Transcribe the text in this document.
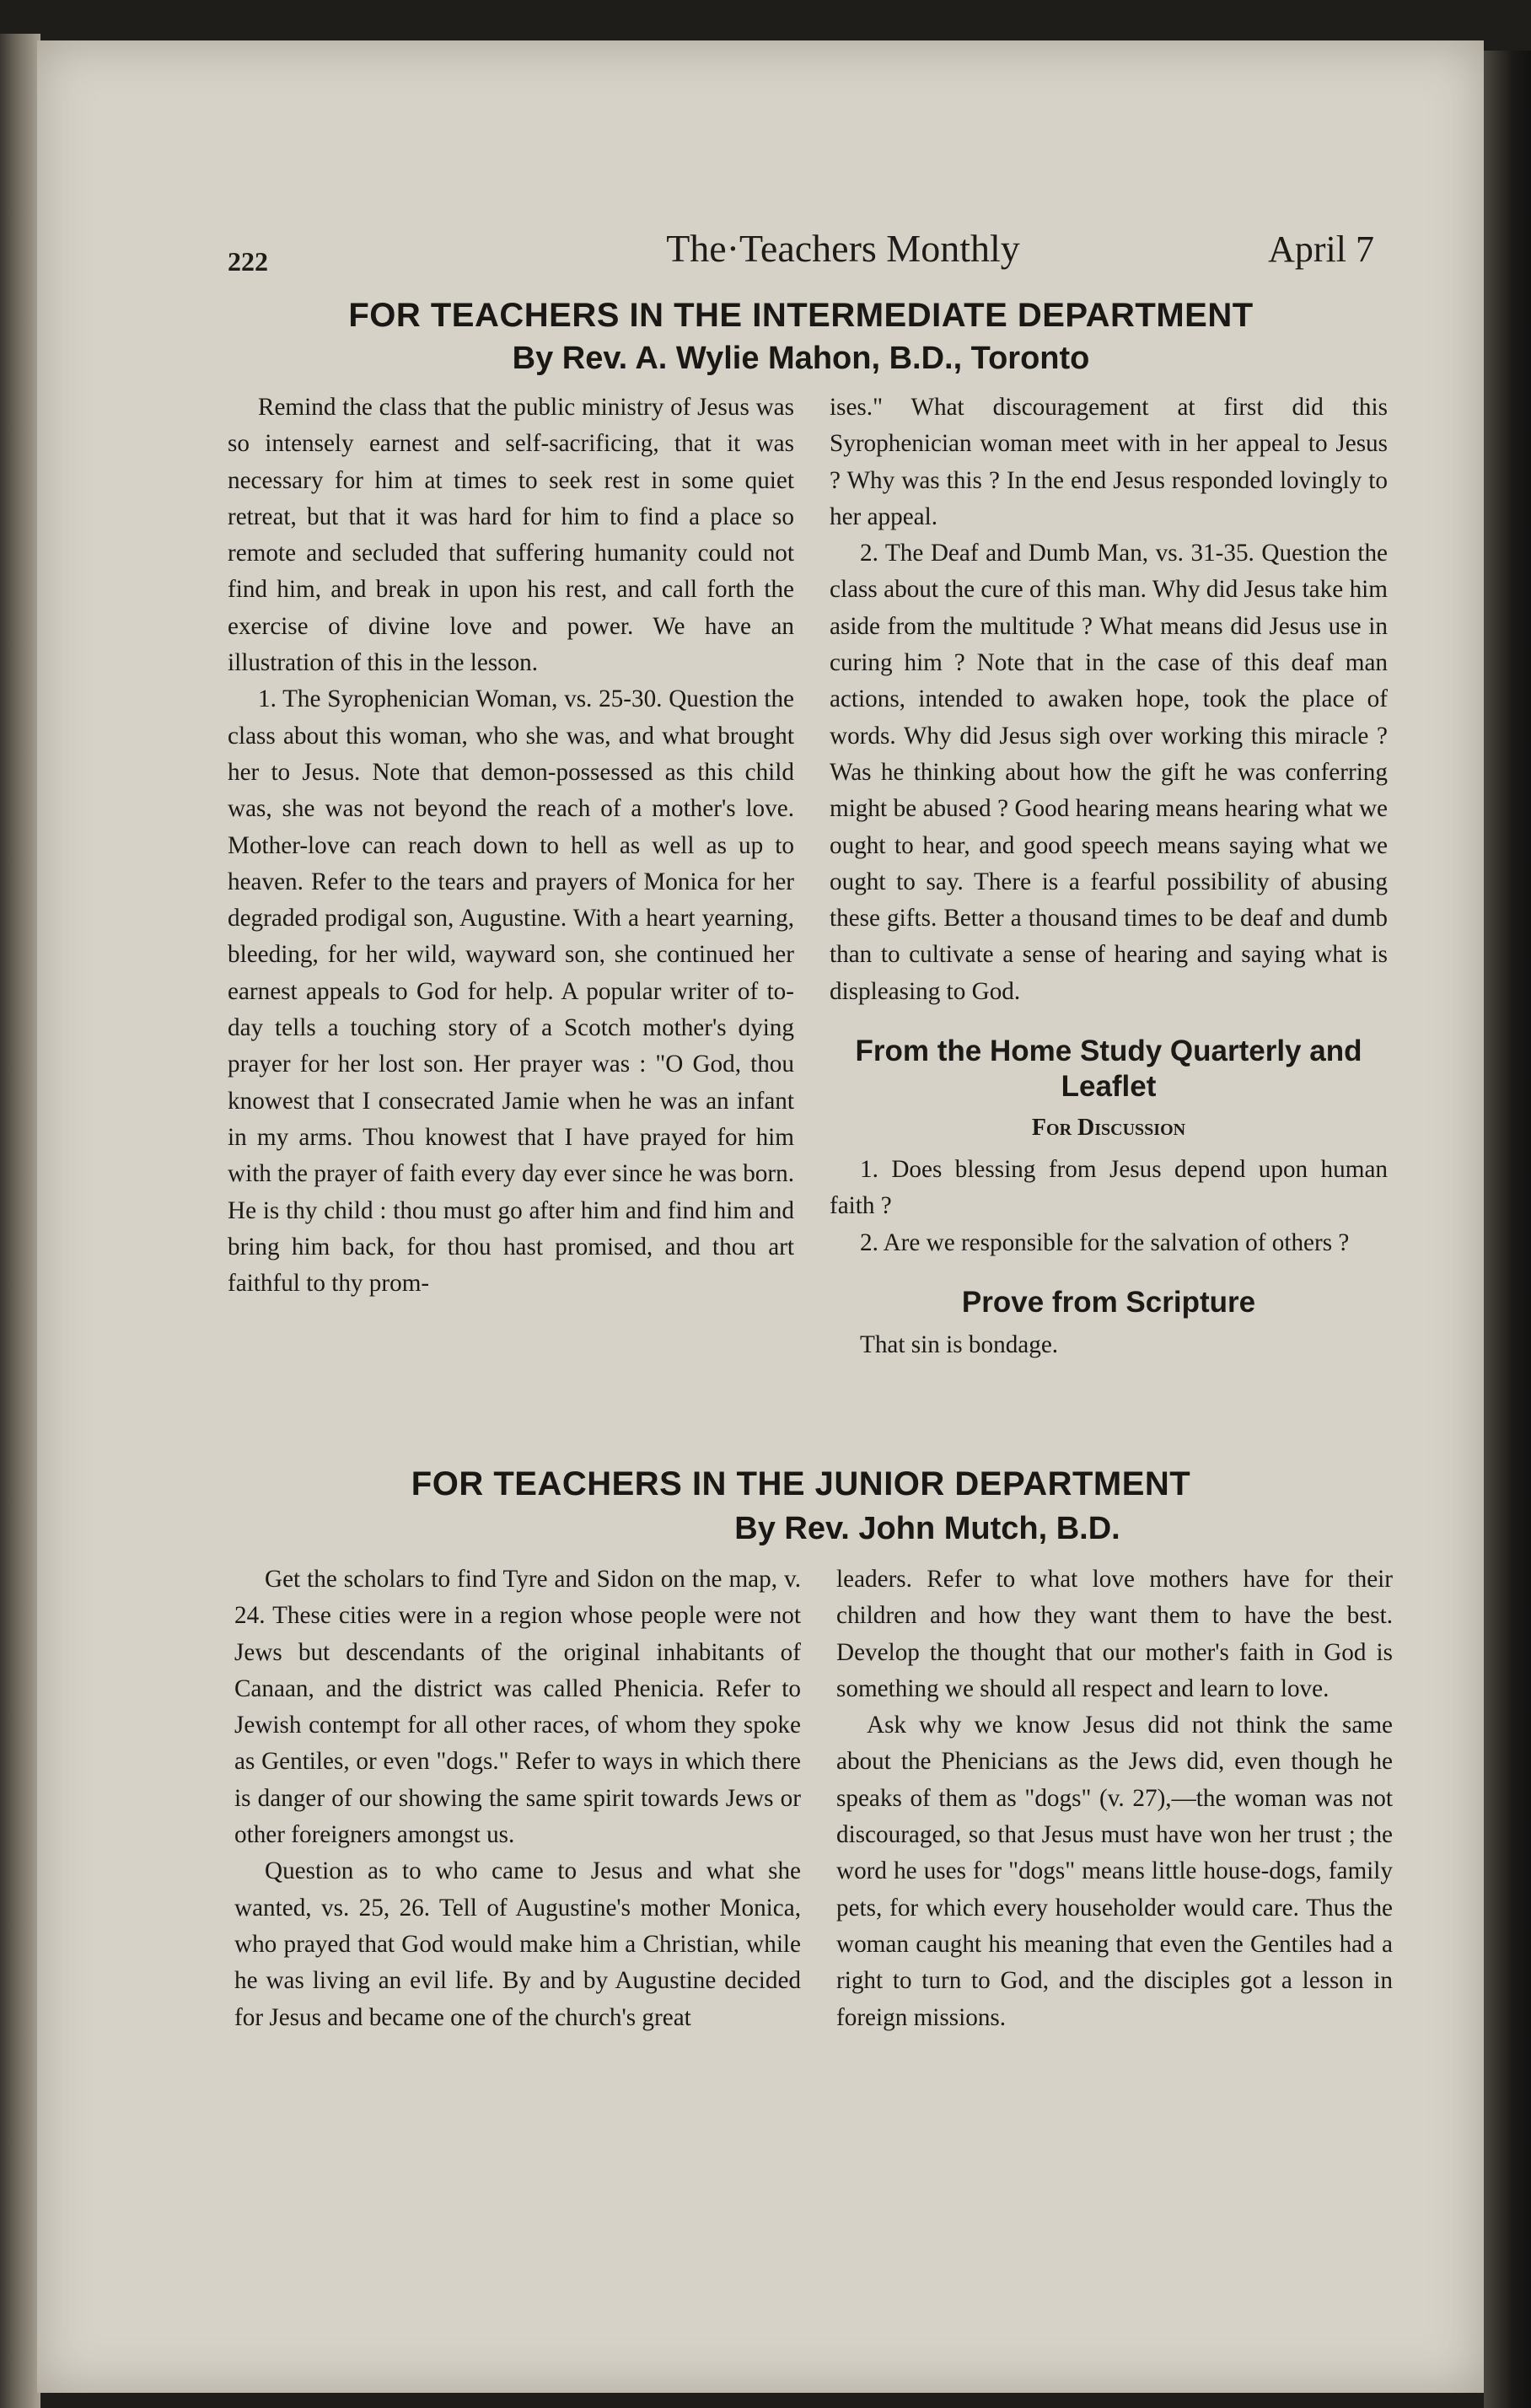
222	The·Teachers Monthly	April 7
FOR TEACHERS IN THE INTERMEDIATE DEPARTMENT
By Rev. A. Wylie Mahon, B.D., Toronto

Remind the class that the public ministry of Jesus was so intensely earnest and self-sacrificing, that it was necessary for him at times to seek rest in some quiet retreat, but that it was hard for him to find a place so remote and secluded that suffering humanity could not find him, and break in upon his rest, and call forth the exercise of divine love and power. We have an illustration of this in the lesson.

1. The Syrophenician Woman, vs. 25-30. Question the class about this woman, who she was, and what brought her to Jesus. Note that demon-possessed as this child was, she was not beyond the reach of a mother's love. Mother-love can reach down to hell as well as up to heaven. Refer to the tears and prayers of Monica for her degraded prodigal son, Augustine. With a heart yearning, bleeding, for her wild, wayward son, she continued her earnest appeals to God for help. A popular writer of to-day tells a touching story of a Scotch mother's dying prayer for her lost son. Her prayer was : "O God, thou knowest that I consecrated Jamie when he was an infant in my arms. Thou knowest that I have prayed for him with the prayer of faith every day ever since he was born. He is thy child : thou must go after him and find him and bring him back, for thou hast promised, and thou art faithful to thy prom-

ises." What discouragement at first did this Syrophenician woman meet with in her appeal to Jesus ? Why was this ? In the end Jesus responded lovingly to her appeal.

2. The Deaf and Dumb Man, vs. 31-35. Question the class about the cure of this man. Why did Jesus take him aside from the multitude ? What means did Jesus use in curing him ? Note that in the case of this deaf man actions, intended to awaken hope, took the place of words. Why did Jesus sigh over working this miracle ? Was he thinking about how the gift he was conferring might be abused ? Good hearing means hearing what we ought to hear, and good speech means saying what we ought to say. There is a fearful possibility of abusing these gifts. Better a thousand times to be deaf and dumb than to cultivate a sense of hearing and saying what is displeasing to God.

From the Home Study Quarterly and Leaflet
For Discussion

1. Does blessing from Jesus depend upon human faith ?

2. Are we responsible for the salvation of others ?

Prove from Scripture

That sin is bondage.

FOR TEACHERS IN THE JUNIOR DEPARTMENT
By Rev. John Mutch, B.D.

Get the scholars to find Tyre and Sidon on the map, v. 24. These cities were in a region whose people were not Jews but descendants of the original inhabitants of Canaan, and the district was called Phenicia. Refer to Jewish contempt for all other races, of whom they spoke as Gentiles, or even "dogs." Refer to ways in which there is danger of our showing the same spirit towards Jews or other foreigners amongst us.

Question as to who came to Jesus and what she wanted, vs. 25, 26. Tell of Augustine's mother Monica, who prayed that God would make him a Christian, while he was living an evil life. By and by Augustine decided for Jesus and became one of the church's great

leaders. Refer to what love mothers have for their children and how they want them to have the best. Develop the thought that our mother's faith in God is something we should all respect and learn to love.

Ask why we know Jesus did not think the same about the Phenicians as the Jews did, even though he speaks of them as "dogs" (v. 27),—the woman was not discouraged, so that Jesus must have won her trust ; the word he uses for "dogs" means little house-dogs, family pets, for which every householder would care. Thus the woman caught his meaning that even the Gentiles had a right to turn to God, and the disciples got a lesson in foreign missions.
